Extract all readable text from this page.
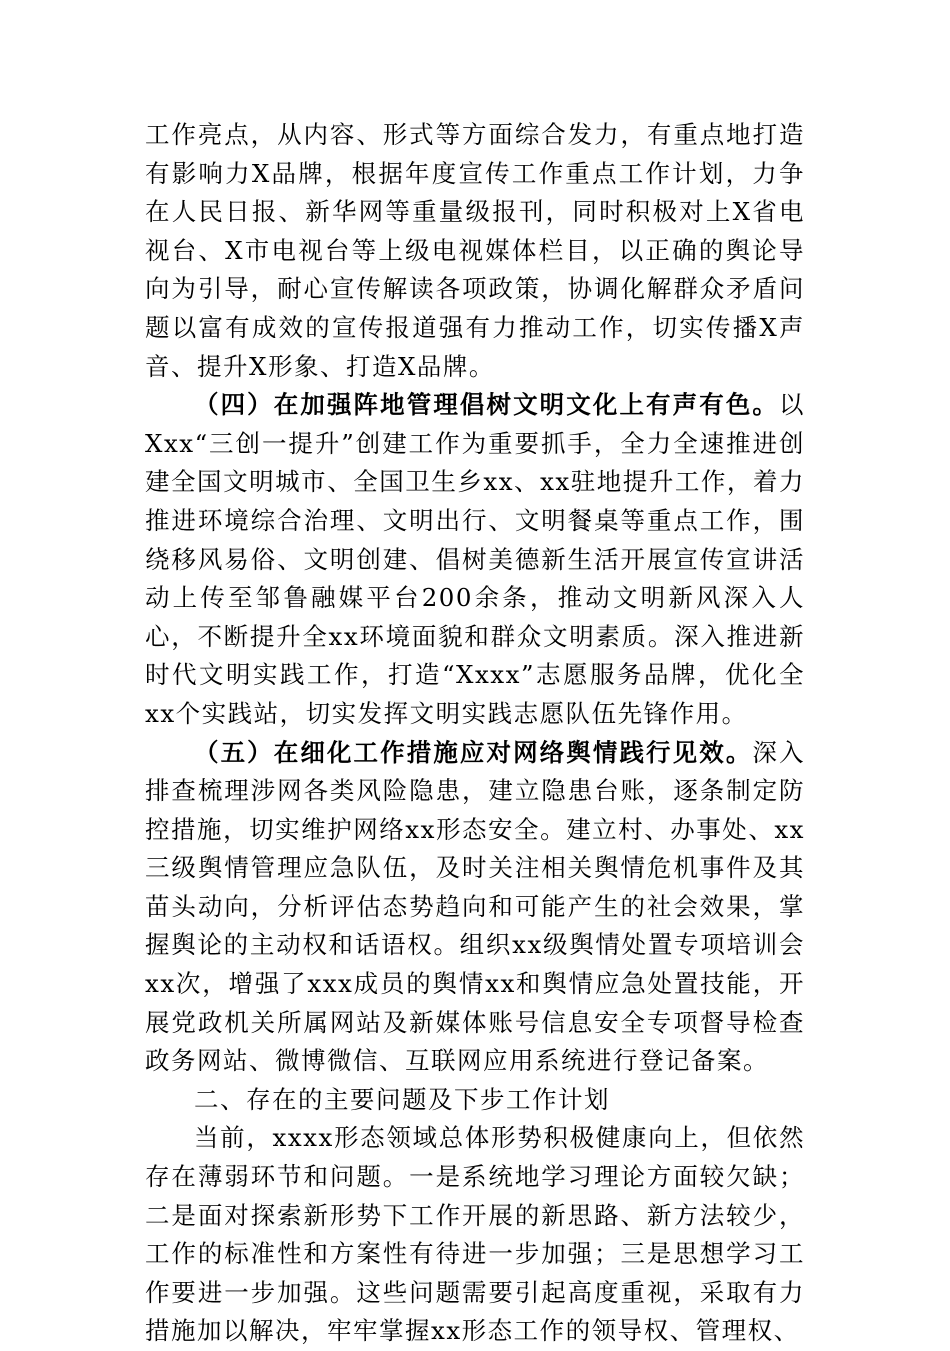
工作亮点，从内容、形式等方面综合发力，有重点地打造有影响力X品牌，根据年度宣传工作重点工作计划，力争在人民日报、新华网等重量级报刊，同时积极对上X省电视台、X市电视台等上级电视媒体栏目，以正确的舆论导向为引导，耐心宣传解读各项政策，协调化解群众矛盾问题以富有成效的宣传报道强有力推动工作，切实传播X声音、提升X形象、打造X品牌。

（四）在加强阵地管理倡树文明文化上有声有色。以Xxx“三创一提升”创建工作为重要抓手，全力全速推进创建全国文明城市、全国卫生乡xx、xx驻地提升工作，着力推进环境综合治理、文明出行、文明餐桌等重点工作，围绕移风易俗、文明创建、倡树美德新生活开展宣传宣讲活动上传至邹鲁融媒平台200余条，推动文明新风深入人心，不断提升全xx环境面貌和群众文明素质。深入推进新时代文明实践工作，打造“Xxxx”志愿服务品牌，优化全xx个实践站，切实发挥文明实践志愿队伍先锋作用。

（五）在细化工作措施应对网络舆情践行见效。深入排查梳理涉网各类风险隐患，建立隐患台账，逐条制定防控措施，切实维护网络xx形态安全。建立村、办事处、xx三级舆情管理应急队伍，及时关注相关舆情危机事件及其苗头动向，分析评估态势趋向和可能产生的社会效果，掌握舆论的主动权和话语权。组织xx级舆情处置专项培训会xx次，增强了xxx成员的舆情xx和舆情应急处置技能，开展党政机关所属网站及新媒体账号信息安全专项督导检查政务网站、微博微信、互联网应用系统进行登记备案。

二、存在的主要问题及下步工作计划

当前，xxxx形态领域总体形势积极健康向上，但依然存在薄弱环节和问题。一是系统地学习理论方面较欠缺；二是面对探索新形势下工作开展的新思路、新方法较少，工作的标准性和方案性有待进一步加强；三是思想学习工作要进一步加强。这些问题需要引起高度重视，采取有力措施加以解决，牢牢掌握xx形态工作的领导权、管理权、
